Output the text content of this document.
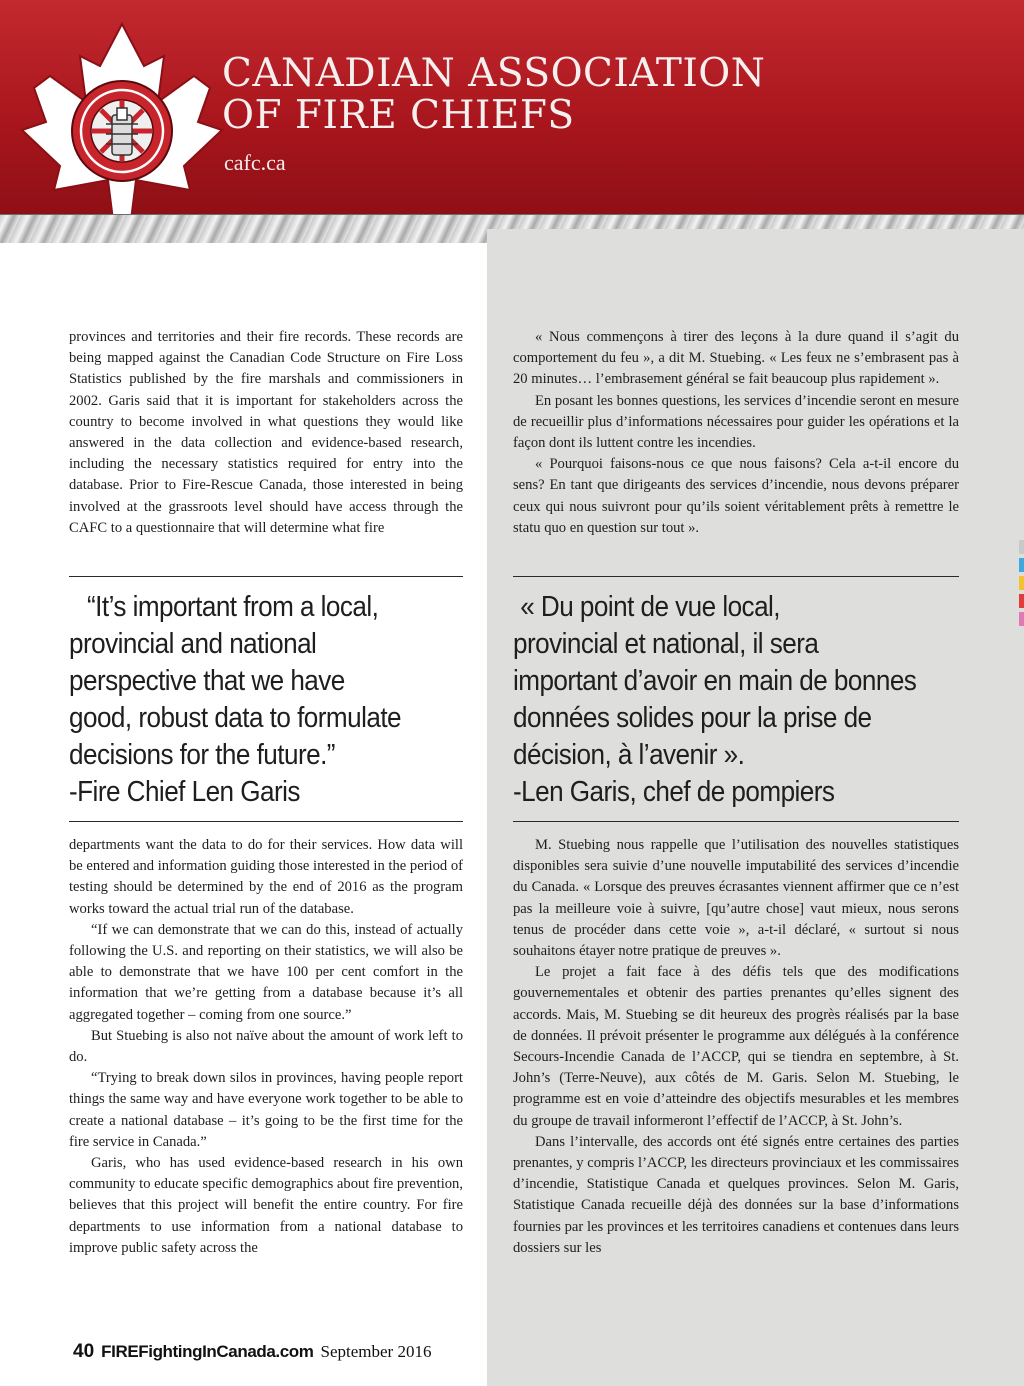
CANADIAN ASSOCIATION
OF FIRE CHIEFS
cafc.ca

provinces and territories and their fire records. These records are being mapped against the Canadian Code Structure on Fire Loss Statistics published by the fire marshals and commissioners in 2002. Garis said that it is important for stakeholders across the country to become involved in what questions they would like answered in the data collection and evidence-based research, including the necessary statistics required for entry into the database. Prior to Fire-Rescue Canada, those interested in being involved at the grassroots level should have access through the CAFC to a questionnaire that will determine what fire

“It’s important from a local,
provincial and national
perspective that we have
good, robust data to formulate
decisions for the future.”
-Fire Chief Len Garis

departments want the data to do for their services. How data will be entered and information guiding those interested in the period of testing should be determined by the end of 2016 as the program works toward the actual trial run of the database.

“If we can demonstrate that we can do this, instead of actually following the U.S. and reporting on their statistics, we will also be able to demonstrate that we have 100 per cent comfort in the information that we’re getting from a database because it’s all aggregated together – coming from one source.”

But Stuebing is also not naïve about the amount of work left to do.

“Trying to break down silos in provinces, having people report things the same way and have everyone work together to be able to create a national database – it’s going to be the first time for the fire service in Canada.”

Garis, who has used evidence-based research in his own community to educate specific demographics about fire prevention, believes that this project will benefit the entire country. For fire departments to use information from a national database to improve public safety across the

« Nous commençons à tirer des leçons à la dure quand il s’agit du comportement du feu », a dit M. Stuebing. « Les feux ne s’embrasent pas à 20 minutes… l’embrasement général se fait beaucoup plus rapidement ».

En posant les bonnes questions, les services d’incendie seront en mesure de recueillir plus d’informations nécessaires pour guider les opérations et la façon dont ils luttent contre les incendies.

« Pourquoi faisons-nous ce que nous faisons? Cela a-t-il encore du sens? En tant que dirigeants des services d’incendie, nous devons préparer ceux qui nous suivront pour qu’ils soient véritablement prêts à remettre le statu quo en question sur tout ».

« Du point de vue local,
provincial et national, il sera
important d’avoir en main de bonnes
données solides pour la prise de
décision, à l’avenir ».
-Len Garis, chef de pompiers

M. Stuebing nous rappelle que l’utilisation des nouvelles statistiques disponibles sera suivie d’une nouvelle imputabilité des services d’incendie du Canada. « Lorsque des preuves écrasantes viennent affirmer que ce n’est pas la meilleure voie à suivre, [qu’autre chose] vaut mieux, nous serons tenus de procéder dans cette voie », a-t-il déclaré, « surtout si nous souhaitons étayer notre pratique de preuves ».

Le projet a fait face à des défis tels que des modifications gouvernementales et obtenir des parties prenantes qu’elles signent des accords. Mais, M. Stuebing se dit heureux des progrès réalisés par la base de données. Il prévoit présenter le programme aux délégués à la conférence Secours-Incendie Canada de l’ACCP, qui se tiendra en septembre, à St. John’s (Terre-Neuve), aux côtés de M. Garis. Selon M. Stuebing, le programme est en voie d’atteindre des objectifs mesurables et les membres du groupe de travail informeront l’effectif de l’ACCP, à St. John’s.

Dans l’intervalle, des accords ont été signés entre certaines des parties prenantes, y compris l’ACCP, les directeurs provinciaux et les commissaires d’incendie, Statistique Canada et quelques provinces. Selon M. Garis, Statistique Canada recueille déjà des données sur la base d’informations fournies par les provinces et les territoires canadiens et contenues dans leurs dossiers sur les

40 FIREFightingInCanada.com September 2016
